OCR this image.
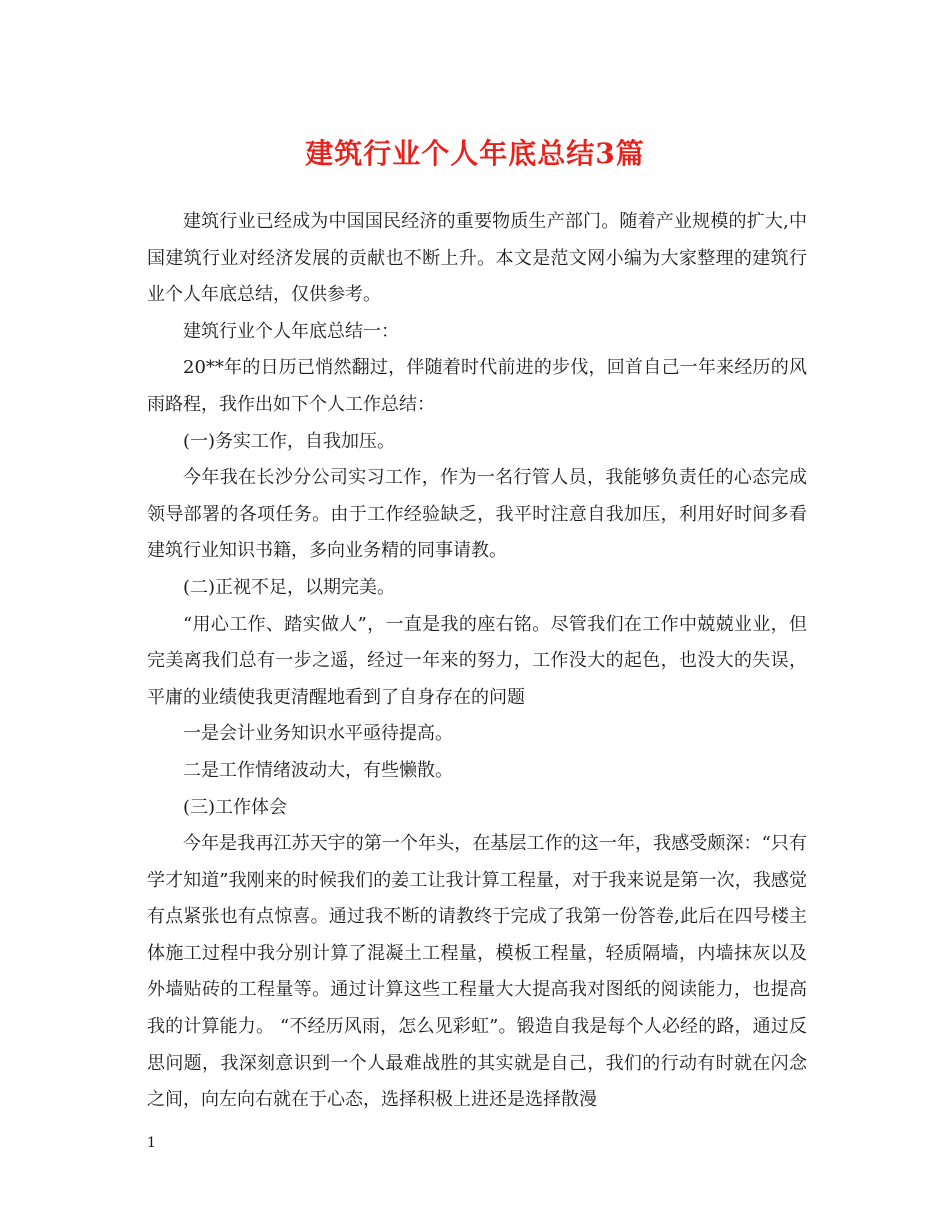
建筑行业个人年底总结3篇

建筑行业已经成为中国国民经济的重要物质生产部门。随着产业规模的扩大,中国建筑行业对经济发展的贡献也不断上升。本文是范文网小编为大家整理的建筑行业个人年底总结，仅供参考。

建筑行业个人年底总结一：

20**年的日历已悄然翻过，伴随着时代前进的步伐，回首自己一年来经历的风雨路程，我作出如下个人工作总结：

(一)务实工作，自我加压。

今年我在长沙分公司实习工作，作为一名行管人员，我能够负责任的心态完成领导部署的各项任务。由于工作经验缺乏，我平时注意自我加压，利用好时间多看建筑行业知识书籍，多向业务精的同事请教。

(二)正视不足，以期完美。

“用心工作、踏实做人”，一直是我的座右铭。尽管我们在工作中兢兢业业，但完美离我们总有一步之遥，经过一年来的努力，工作没大的起色，也没大的失误，平庸的业绩使我更清醒地看到了自身存在的问题

一是会计业务知识水平亟待提高。

二是工作情绪波动大，有些懒散。

(三)工作体会

今年是我再江苏天宇的第一个年头，在基层工作的这一年，我感受颇深：“只有学才知道”我刚来的时候我们的姜工让我计算工程量，对于我来说是第一次，我感觉有点紧张也有点惊喜。通过我不断的请教终于完成了我第一份答卷,此后在四号楼主体施工过程中我分别计算了混凝土工程量，模板工程量，轻质隔墙，内墙抹灰以及外墙贴砖的工程量等。通过计算这些工程量大大提高我对图纸的阅读能力，也提高我的计算能力。 “不经历风雨，怎么见彩虹”。锻造自我是每个人必经的路，通过反思问题，我深刻意识到一个人最难战胜的其实就是自己，我们的行动有时就在闪念之间，向左向右就在于心态，选择积极上进还是选择散漫

1
